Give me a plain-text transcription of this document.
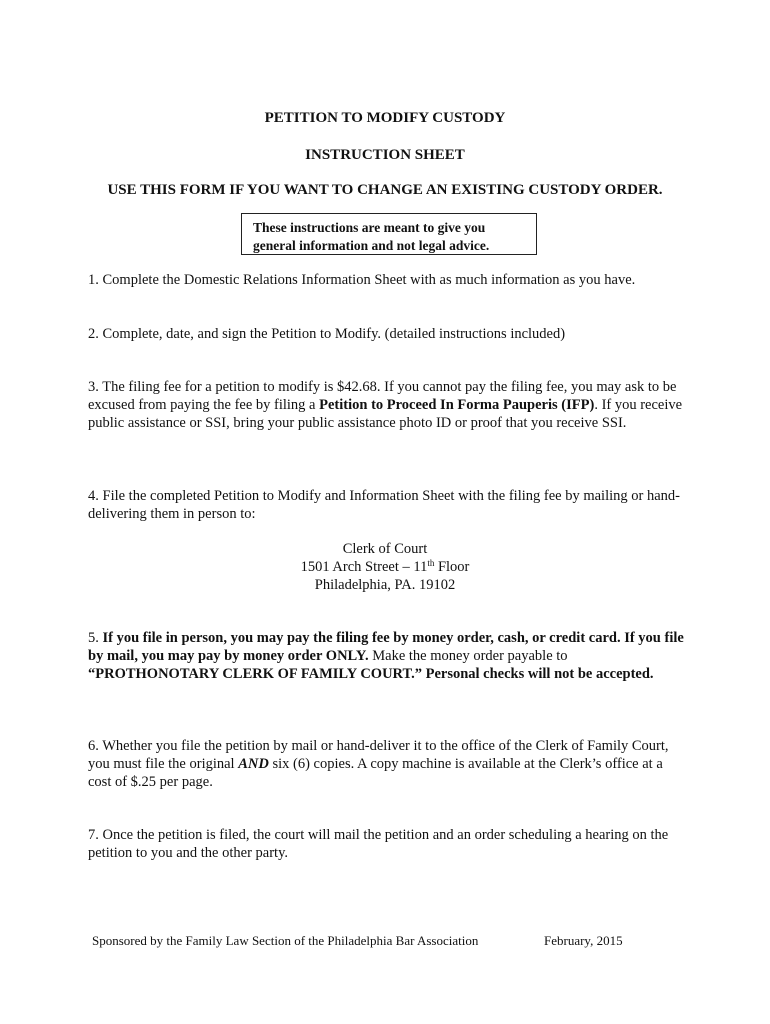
PETITION TO MODIFY CUSTODY
INSTRUCTION SHEET
USE THIS FORM IF YOU WANT TO CHANGE AN EXISTING CUSTODY ORDER.
These instructions are meant to give you
general information and not legal advice.
1. Complete the Domestic Relations Information Sheet with as much information as you have.
2. Complete, date, and sign the Petition to Modify. (detailed instructions included)
3. The filing fee for a petition to modify is $42.68. If you cannot pay the filing fee, you may ask to be excused from paying the fee by filing a Petition to Proceed In Forma Pauperis (IFP). If you receive public assistance or SSI, bring your public assistance photo ID or proof that you receive SSI.
4. File the completed Petition to Modify and Information Sheet with the filing fee by mailing or hand-delivering them in person to:
Clerk of Court
1501 Arch Street – 11th Floor
Philadelphia, PA. 19102
5. If you file in person, you may pay the filing fee by money order, cash, or credit card. If you file by mail, you may pay by money order ONLY. Make the money order payable to “PROTHONOTARY CLERK OF FAMILY COURT.” Personal checks will not be accepted.
6. Whether you file the petition by mail or hand-deliver it to the office of the Clerk of Family Court, you must file the original AND six (6) copies. A copy machine is available at the Clerk’s office at a cost of $.25 per page.
7. Once the petition is filed, the court will mail the petition and an order scheduling a hearing on the petition to you and the other party.
Sponsored by the Family Law Section of the Philadelphia Bar Association	February, 2015
